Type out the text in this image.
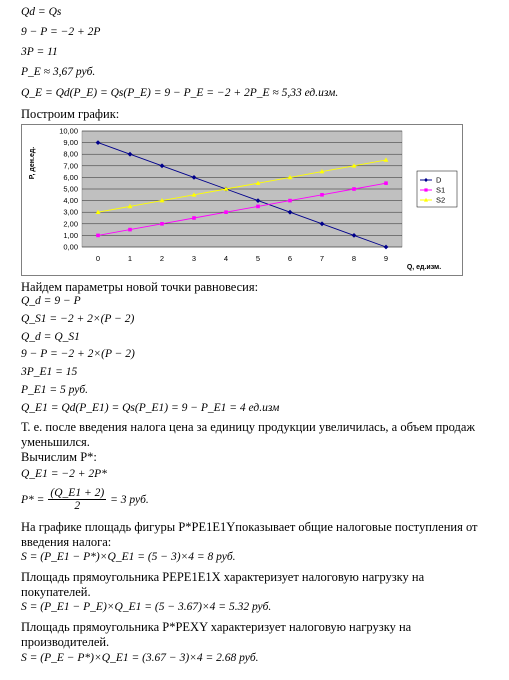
Qd = Qs
9 − P = −2 + 2P
3P = 11
P_E ≈ 3,67 руб.
Q_E = Qd(P_E) = Qs(P_E) = 9 − P_E = −2 + 2P_E ≈ 5,33 ед.изм.
Построим график:
0,00
1,00
2,00
3,00
4,00
5,00
6,00
7,00
8,00
9,00
10,00
0	1	2	3	4	5	6	7	8	9
P, ден.ед.
Q, ед.изм.
D
S1
S2
Найдем параметры новой точки равновесия:
Q_d = 9 − P
Q_S1 = −2 + 2×(P − 2)
Q_d = Q_S1
9 − P = −2 + 2×(P − 2)
3P_E1 = 15
P_E1 = 5 руб.
Q_E1 = Qd(P_E1) = Qs(P_E1) = 9 − P_E1 = 4 ед.изм
Т. е. после введения налога цена за единицу продукции увеличилась, а объем продаж
уменьшился.
Вычислим Р*:
Q_E1 = −2 + 2P*
$P* = \frac{(Q\_E1 + 2)}{2} = 3$ руб.
На графике площадь фигуры P*PE1E1Yпоказывает общие налоговые поступления от
введения налога:
S = (P_E1 − P*)×Q_E1 = (5 − 3)×4 = 8 руб.
Площадь прямоугольника PEPE1E1X характеризует налоговую нагрузку на
покупателей.
S = (P_E1 − P_E)×Q_E1 = (5 − 3.67)×4 = 5.32 руб.
Площадь прямоугольника P*PEXY характеризует налоговую нагрузку на
производителей.
S = (P_E − P*)×Q_E1 = (3.67 − 3)×4 = 2.68 руб.
